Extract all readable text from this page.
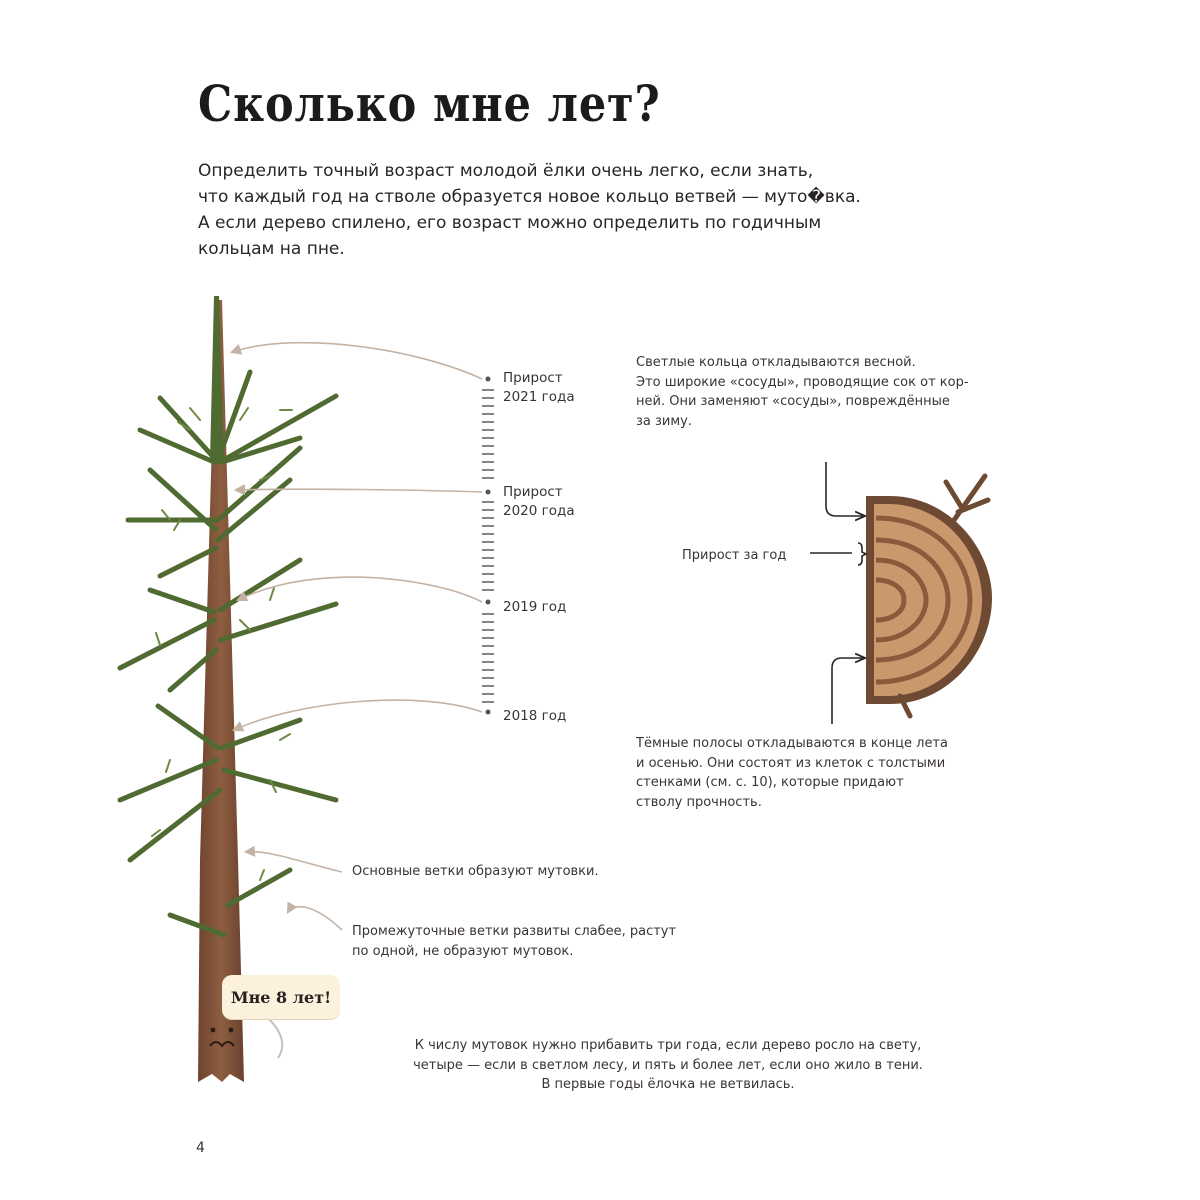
Сколько мне лет?
Определить точный возраст молодой ёлки очень легко, если знать,
что каждый год на стволе образуется новое кольцо ветвей — муто�вка.
А если дерево спилено, его возраст можно определить по годичным
кольцам на пне.
Прирост
2021 года
Прирост
2020 года
2019 год
2018 год
Светлые кольца откладываются весной.
Это широкие «сосуды», проводящие сок от кор-
ней. Они заменяют «сосуды», повреждённые
за зиму.
Прирост за год
Тёмные полосы откладываются в конце лета
и осенью. Они состоят из клеток с толстыми
стенками (см. с. 10), которые придают
стволу прочность.
Основные ветки образуют мутовки.
Промежуточные ветки развиты слабее, растут
по одной, не образуют мутовок.
Мне 8 лет!
К числу мутовок нужно прибавить три года, если дерево росло на свету,
четыре — если в светлом лесу, и пять и более лет, если оно жило в тени.
В первые годы ёлочка не ветвилась.
4
